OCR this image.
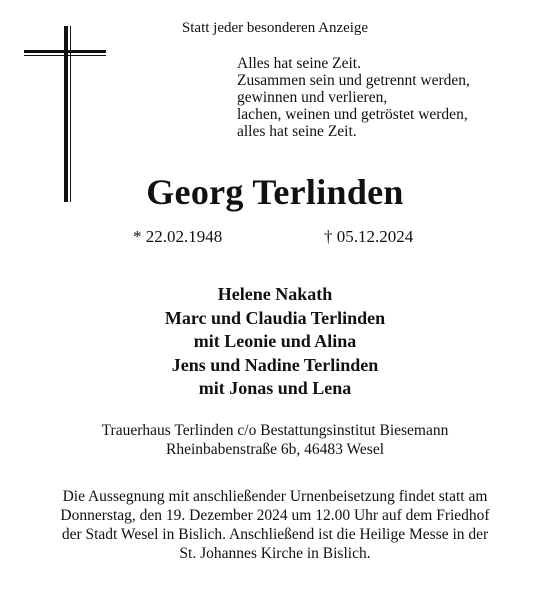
Statt jeder besonderen Anzeige
Alles hat seine Zeit.
Zusammen sein und getrennt werden,
gewinnen und verlieren,
lachen, weinen und getröstet werden,
alles hat seine Zeit.
Georg Terlinden
* 22.02.1948	† 05.12.2024
Helene Nakath
Marc und Claudia Terlinden
mit Leonie und Alina
Jens und Nadine Terlinden
mit Jonas und Lena
Trauerhaus Terlinden c/o Bestattungsinstitut Biesemann
Rheinbabenstraße 6b, 46483 Wesel
Die Aussegnung mit anschließender Urnenbeisetzung findet statt am
Donnerstag, den 19. Dezember 2024 um 12.00 Uhr auf dem Friedhof
der Stadt Wesel in Bislich. Anschließend ist die Heilige Messe in der
St. Johannes Kirche in Bislich.
